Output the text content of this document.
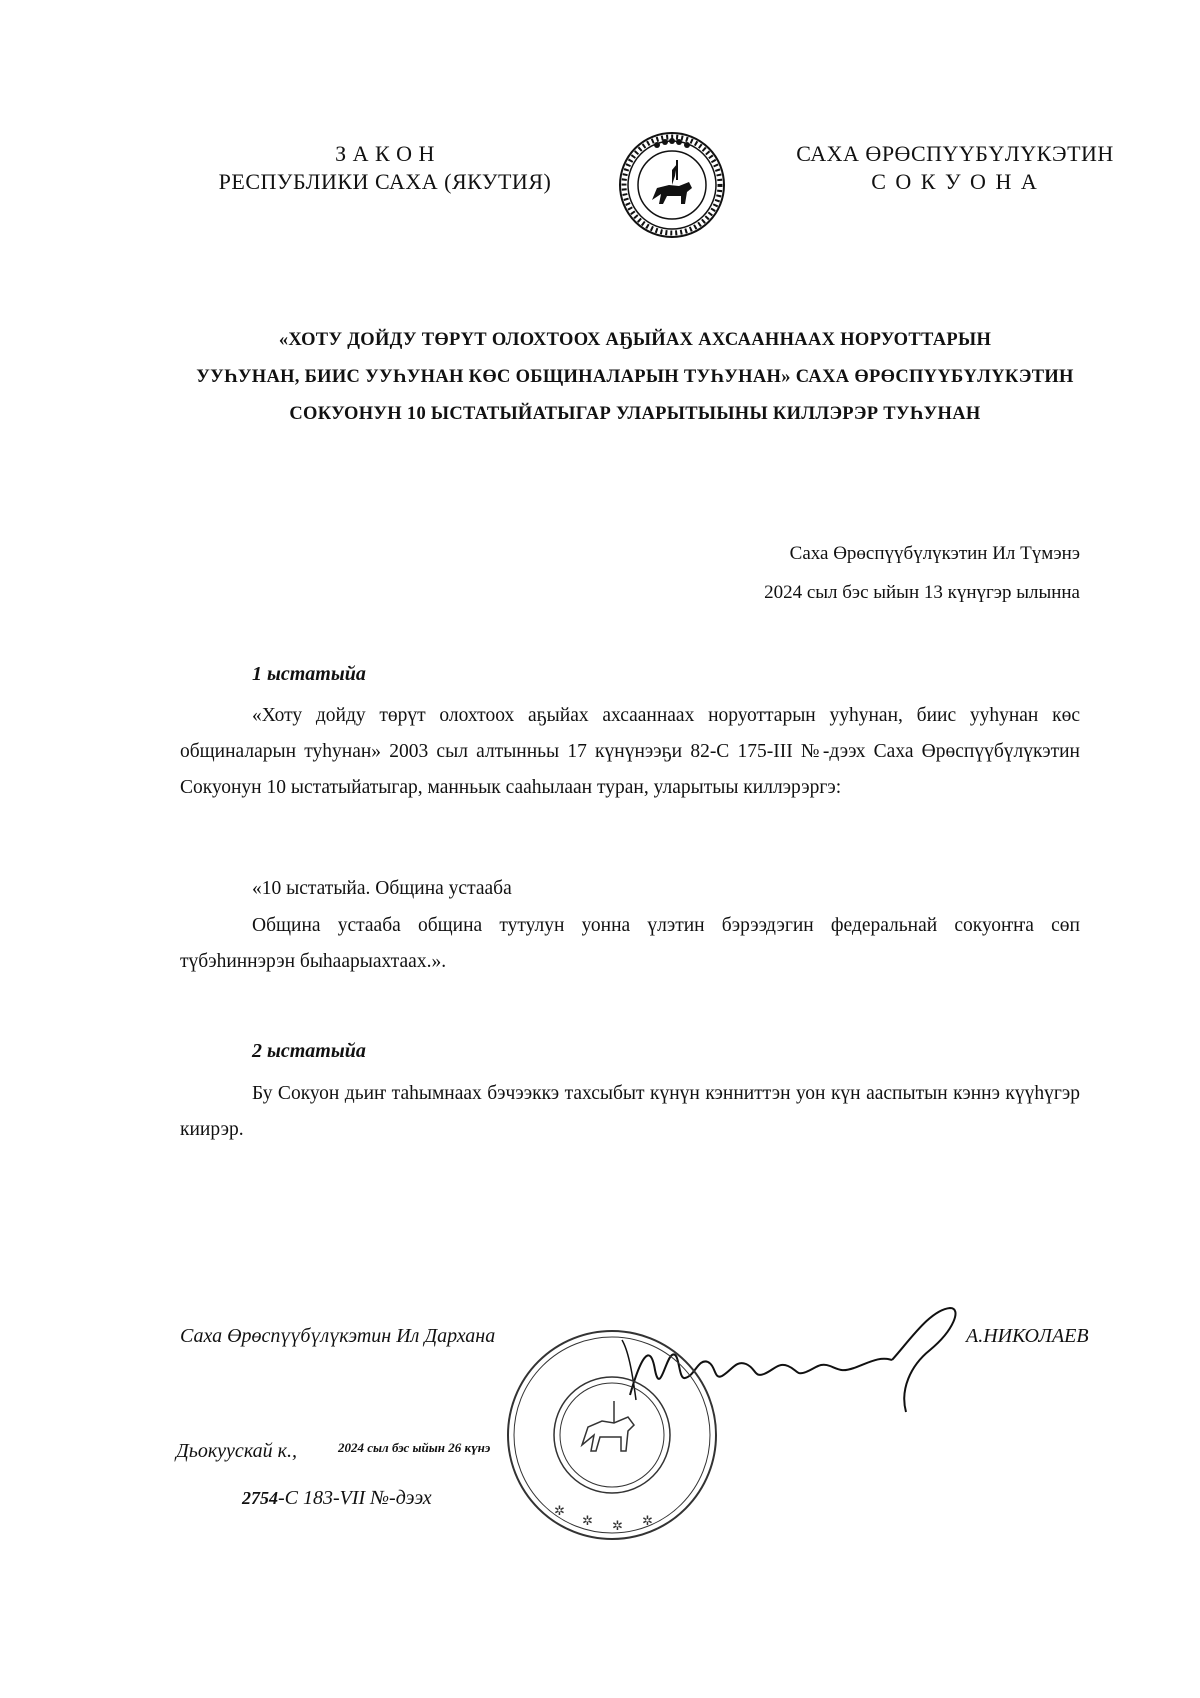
З А К О Н
РЕСПУБЛИКИ САХА (ЯКУТИЯ)
САХА ӨРӨСПҮҮБҮЛҮКЭТИН
С О К У О Н А
«ХОТУ ДОЙДУ ТӨРҮТ ОЛОХТООХ АҔЫЙАХ АХСААННААХ НОРУОТТАРЫН
УУҺУНАН, БИИС УУҺУНАН КӨС ОБЩИНАЛАРЫН ТУҺУНАН» САХА ӨРӨСПҮҮБҮЛҮКЭТИН
СОКУОНУН 10 ЫСТАТЫЙАТЫГАР УЛАРЫТЫЫНЫ КИЛЛЭРЭР ТУҺУНАН
Саха Өрөспүүбүлүкэтин Ил Түмэнэ
2024 сыл бэс ыйын 13 күнүгэр ылынна
1 ыстатыйа
«Хоту дойду төрүт олохтоох аҕыйах ахсааннаах норуоттарын ууһунан, биис ууһунан көс общиналарын туһунан» 2003 сыл алтынньы 17 күнүнээҕи 82-С 175-III №-дээх Саха Өрөспүүбүлүкэтин Сокуонун 10 ыстатыйатыгар, манньык сааһылаан туран, уларытыы киллэрэргэ:
«10 ыстатыйа. Община устааба
Община устааба община тутулун уонна үлэтин бэрээдэгин федеральнай сокуоҥҥа сөп түбэһиннэрэн быһаарыахтаах.».
2 ыстатыйа
Бу Сокуон дьиҥ таһымнаах бэчээккэ тахсыбыт күнүн кэнниттэн уон күн ааспытын кэннэ күүһүгэр киирэр.
Саха Өрөспүүбүлүкэтин Ил Дархана	А.НИКОЛАЕВ
Дьокуускай к.,	2024 сыл бэс ыйын 26 күнэ
2754-С 183-VII №-дээх
✲
✲ ✲ ✲
